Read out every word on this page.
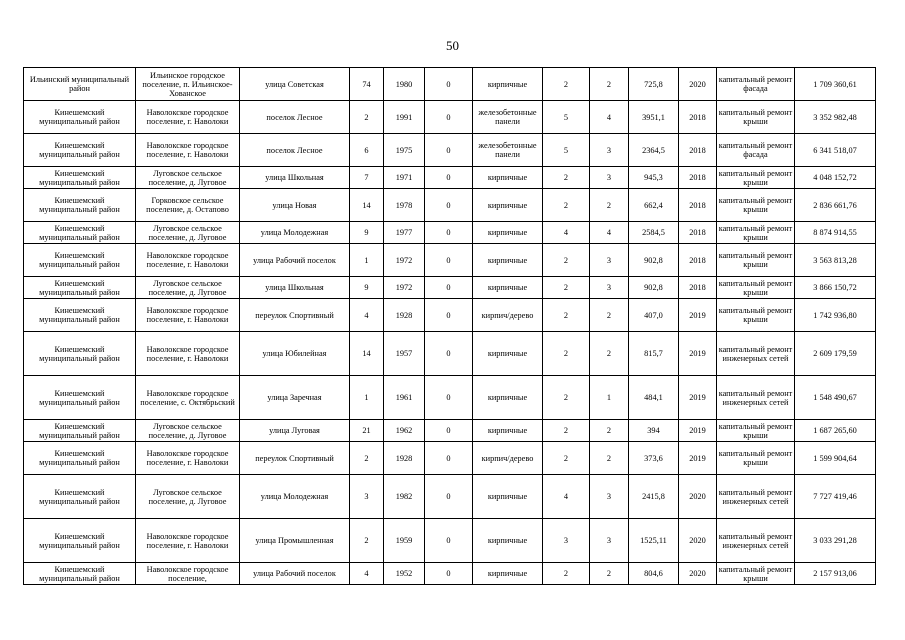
50
Ильинский муниципальный район	Ильинское городское поселение, п. Ильинское-Хованское	улица Советская	74	1980	0	кирпичные	2	2	725,8	2020	капитальный ремонт фасада	1 709 360,61
Кинешемский муниципальный район	Наволокское городское поселение, г. Наволоки	поселок Лесное	2	1991	0	железобетонные панели	5	4	3951,1	2018	капитальный ремонт крыши	3 352 982,48
Кинешемский муниципальный район	Наволокское городское поселение, г. Наволоки	поселок Лесное	6	1975	0	железобетонные панели	5	3	2364,5	2018	капитальный ремонт фасада	6 341 518,07
Кинешемский муниципальный район	Луговское сельское поселение, д. Луговое	улица Школьная	7	1971	0	кирпичные	2	3	945,3	2018	капитальный ремонт крыши	4 048 152,72
Кинешемский муниципальный район	Горковское сельское поселение, д. Остапово	улица Новая	14	1978	0	кирпичные	2	2	662,4	2018	капитальный ремонт крыши	2 836 661,76
Кинешемский муниципальный район	Луговское сельское поселение, д. Луговое	улица Молодежная	9	1977	0	кирпичные	4	4	2584,5	2018	капитальный ремонт крыши	8 874 914,55
Кинешемский муниципальный район	Наволокское городское поселение, г. Наволоки	улица Рабочий поселок	1	1972	0	кирпичные	2	3	902,8	2018	капитальный ремонт крыши	3 563 813,28
Кинешемский муниципальный район	Луговское сельское поселение, д. Луговое	улица Школьная	9	1972	0	кирпичные	2	3	902,8	2018	капитальный ремонт крыши	3 866 150,72
Кинешемский муниципальный район	Наволокское городское поселение, г. Наволоки	переулок Спортивный	4	1928	0	кирпич/дерево	2	2	407,0	2019	капитальный ремонт крыши	1 742 936,80
Кинешемский муниципальный район	Наволокское городское поселение, г. Наволоки	улица Юбилейная	14	1957	0	кирпичные	2	2	815,7	2019	капитальный ремонт инженерных сетей	2 609 179,59
Кинешемский муниципальный район	Наволокское городское поселение, с. Октябрьский	улица Заречная	1	1961	0	кирпичные	2	1	484,1	2019	капитальный ремонт инженерных сетей	1 548 490,67
Кинешемский муниципальный район	Луговское сельское поселение, д. Луговое	улица Луговая	21	1962	0	кирпичные	2	2	394	2019	капитальный ремонт крыши	1 687 265,60
Кинешемский муниципальный район	Наволокское городское поселение, г. Наволоки	переулок Спортивный	2	1928	0	кирпич/дерево	2	2	373,6	2019	капитальный ремонт крыши	1 599 904,64
Кинешемский муниципальный район	Луговское сельское поселение, д. Луговое	улица Молодежная	3	1982	0	кирпичные	4	3	2415,8	2020	капитальный ремонт инженерных сетей	7 727 419,46
Кинешемский муниципальный район	Наволокское городское поселение, г. Наволоки	улица Промышленная	2	1959	0	кирпичные	3	3	1525,11	2020	капитальный ремонт инженерных сетей	3 033 291,28
Кинешемский муниципальный район	Наволокское городское поселение,	улица Рабочий поселок	4	1952	0	кирпичные	2	2	804,6	2020	капитальный ремонт крыши	2 157 913,06
